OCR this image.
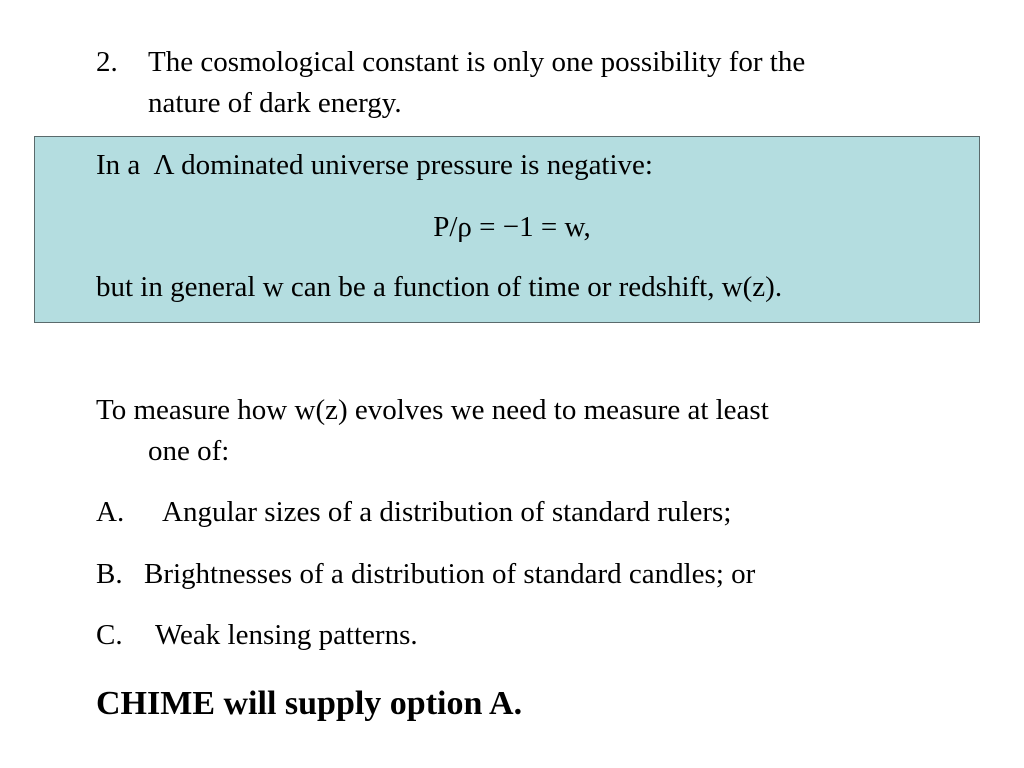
2. The cosmological constant is only one possibility for the
nature of dark energy.
In a Λ dominated universe pressure is negative:
P/ρ = −1 = w,
but in general w can be a function of time or redshift, w(z).
To measure how w(z) evolves we need to measure at least
one of:
A. Angular sizes of a distribution of standard rulers;
B. Brightnesses of a distribution of standard candles; or
C. Weak lensing patterns.
CHIME will supply option A.
